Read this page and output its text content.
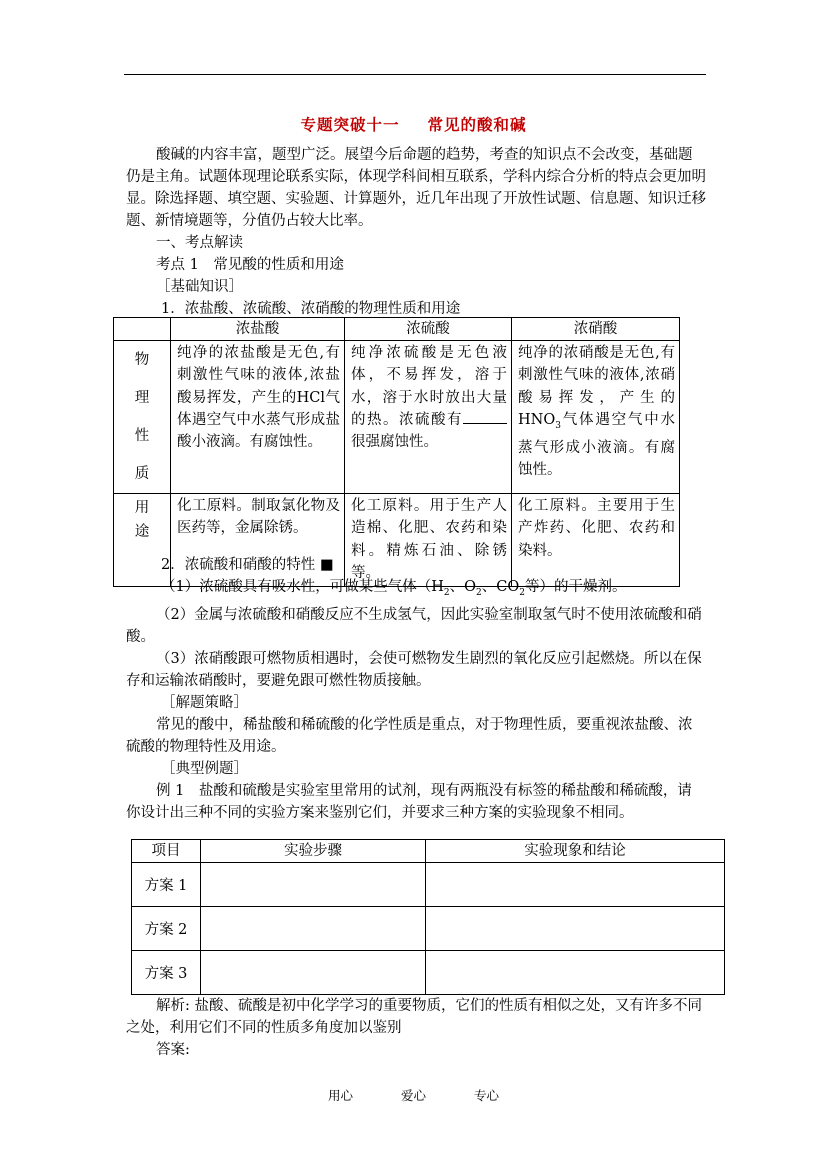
专题突破十一 常见的酸和碱

酸碱的内容丰富，题型广泛。展望今后命题的趋势，考查的知识点不会改变，基础题仍是主角。试题体现理论联系实际，体现学科间相互联系，学科内综合分析的特点会更加明显。除选择题、填空题、实验题、计算题外，近几年出现了开放性试题、信息题、知识迁移题、新情境题等，分值仍占较大比率。

一、考点解读

考点 1　常见酸的性质和用途

［基础知识］

1．浓盐酸、浓硫酸、浓硝酸的物理性质和用途

	浓盐酸	浓硫酸	浓硝酸

物
理
性
质	纯净的浓盐酸是无色,有刺激性气味的液体,浓盐酸易挥发，产生的HCl气体遇空气中水蒸气形成盐酸小液滴。有腐蚀性。	纯净浓硫酸是无色液体，不易挥发，溶于水，溶于水时放出大量的热。浓硫酸有很强腐蚀性。	纯净的浓硝酸是无色,有刺激性气味的液体,浓硝酸易挥发，产生的$HNO_3$气体遇空气中水蒸气形成小液滴。有腐蚀性。

用
途	化工原料。制取氯化物及医药等，金属除锈。	化工原料。用于生产人造棉、化肥、农药和染料。精炼石油、除锈等。	化工原料。主要用于生产炸药、化肥、农药和染料。

2．浓硫酸和硝酸的特性 ■

（1）浓硫酸具有吸水性，可做某些气体（$H_2$、$O_2$、$CO_2$等）的干燥剂。

（2）金属与浓硫酸和硝酸反应不生成氢气，因此实验室制取氢气时不使用浓硫酸和硝酸。

（3）浓硝酸跟可燃物质相遇时，会使可燃物发生剧烈的氧化反应引起燃烧。所以在保存和运输浓硝酸时，要避免跟可燃性物质接触。

［解题策略］

常见的酸中，稀盐酸和稀硫酸的化学性质是重点，对于物理性质，要重视浓盐酸、浓硫酸的物理特性及用途。

［典型例题］

例 1　盐酸和硫酸是实验室里常用的试剂，现有两瓶没有标签的稀盐酸和稀硫酸，请你设计出三种不同的实验方案来鉴别它们，并要求三种方案的实验现象不相同。

项目	实验步骤	实验现象和结论
方案 1		
方案 2		
方案 3		

解析: 盐酸、硫酸是初中化学学习的重要物质，它们的性质有相似之处，又有许多不同之处，利用它们不同的性质多角度加以鉴别

答案:

用心	爱心	专心
